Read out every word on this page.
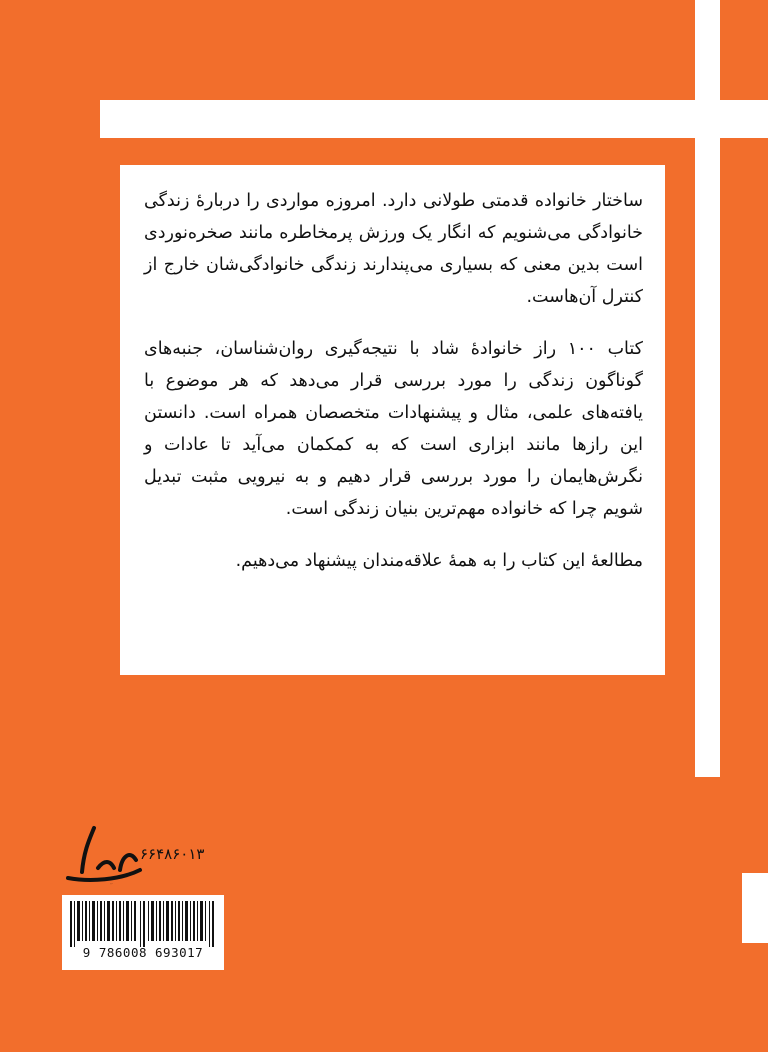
ساختار خانواده قدمتی طولانی دارد. امروزه مواردی را دربارهٔ زندگی خانوادگی می‌شنویم که انگار یک ورزش پرمخاطره مانند صخره‌نوردی است بدین معنی که بسیاری می‌پندارند زندگی خانوادگی‌شان خارج از کنترل آن‌هاست.

کتاب ۱۰۰ راز خانوادهٔ شاد با نتیجه‌گیری روان‌شناسان، جنبه‌های گوناگون زندگی را مورد بررسی قرار می‌دهد که هر موضوع با یافته‌های علمی، مثال و پیشنهادات متخصصان همراه است. دانستن این رازها مانند ابزاری است که به کمکمان می‌آید تا عادات و نگرش‌هایمان را مورد بررسی قرار دهیم و به نیرویی مثبت تبدیل شویم چرا که خانواده مهم‌ترین بنیان زندگی است.

مطالعهٔ این کتاب را به همهٔ علاقه‌مندان پیشنهاد می‌دهیم.

آرمان
۶۶۴۸۶۰۱۳
9 786008 693017
